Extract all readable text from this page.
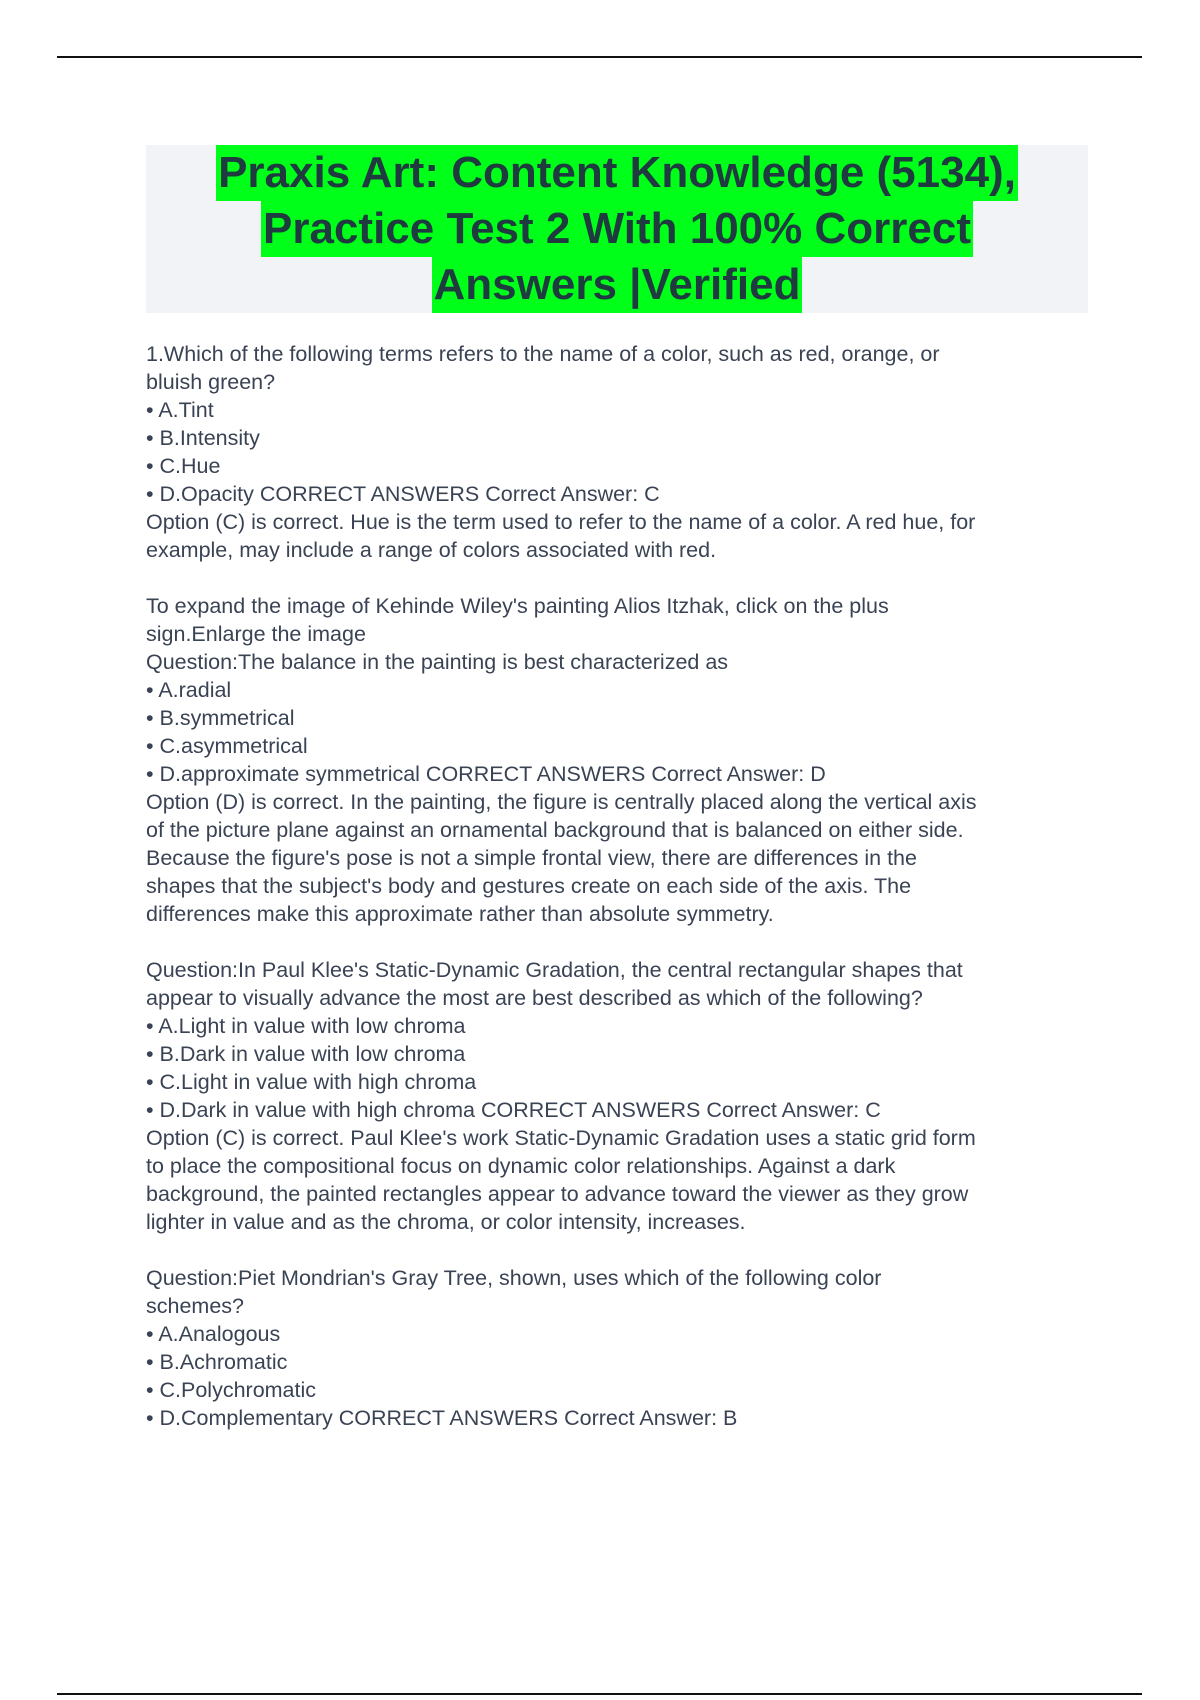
Praxis Art: Content Knowledge (5134),
Practice Test 2 With 100% Correct
Answers |Verified
1.Which of the following terms refers to the name of a color, such as red, orange, or
bluish green?
• A.Tint
• B.Intensity
• C.Hue
• D.Opacity CORRECT ANSWERS Correct Answer: C
Option (C) is correct. Hue is the term used to refer to the name of a color. A red hue, for
example, may include a range of colors associated with red.
To expand the image of Kehinde Wiley's painting Alios Itzhak, click on the plus
sign.Enlarge the image
Question:The balance in the painting is best characterized as
• A.radial
• B.symmetrical
• C.asymmetrical
• D.approximate symmetrical CORRECT ANSWERS Correct Answer: D
Option (D) is correct. In the painting, the figure is centrally placed along the vertical axis
of the picture plane against an ornamental background that is balanced on either side.
Because the figure's pose is not a simple frontal view, there are differences in the
shapes that the subject's body and gestures create on each side of the axis. The
differences make this approximate rather than absolute symmetry.
Question:In Paul Klee's Static-Dynamic Gradation, the central rectangular shapes that
appear to visually advance the most are best described as which of the following?
• A.Light in value with low chroma
• B.Dark in value with low chroma
• C.Light in value with high chroma
• D.Dark in value with high chroma CORRECT ANSWERS Correct Answer: C
Option (C) is correct. Paul Klee's work Static-Dynamic Gradation uses a static grid form
to place the compositional focus on dynamic color relationships. Against a dark
background, the painted rectangles appear to advance toward the viewer as they grow
lighter in value and as the chroma, or color intensity, increases.
Question:Piet Mondrian's Gray Tree, shown, uses which of the following color
schemes?
• A.Analogous
• B.Achromatic
• C.Polychromatic
• D.Complementary CORRECT ANSWERS Correct Answer: B
